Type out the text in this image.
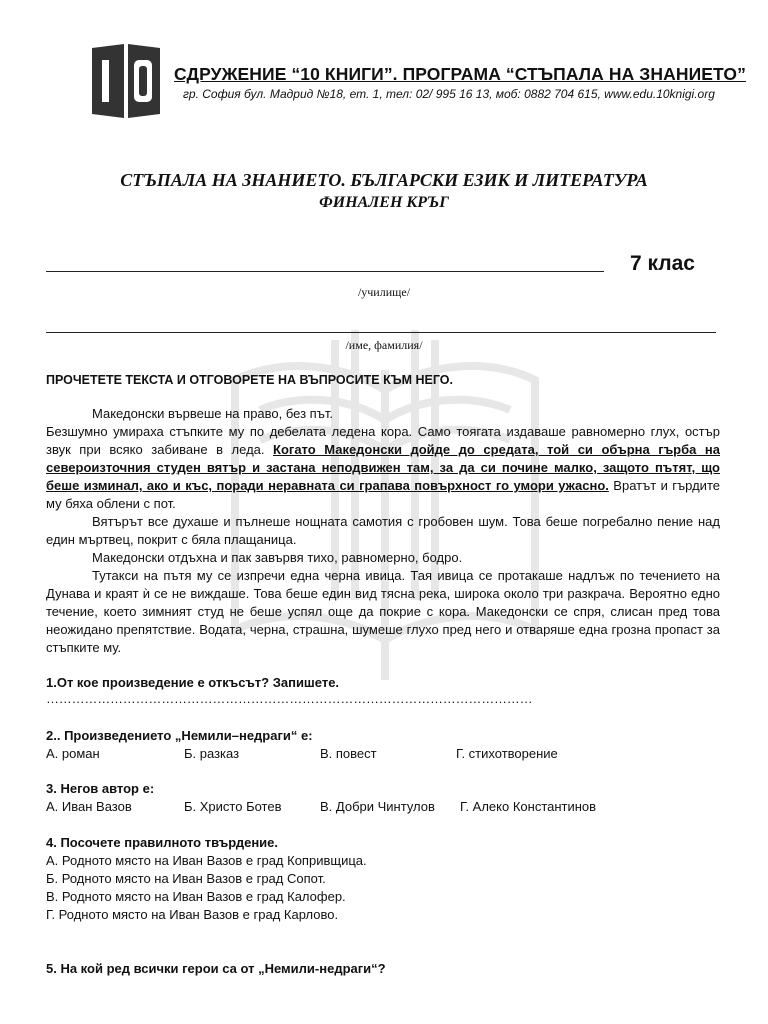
СДРУЖЕНИЕ “10 КНИГИ”. ПРОГРАМА “СТЪПАЛА НА ЗНАНИЕТО”
гр. София бул. Мадрид №18, ет. 1, тел: 02/ 995 16 13, моб: 0882 704 615, www.edu.10knigi.org
СТЪПАЛА НА ЗНАНИЕТО. БЪЛГАРСКИ ЕЗИК И ЛИТЕРАТУРА
ФИНАЛЕН КРЪГ
7 клас
/училище/
/име, фамилия/
ПРОЧЕТЕТЕ ТЕКСТА И ОТГОВОРЕТЕ НА ВЪПРОСИТЕ КЪМ НЕГО.

Македонски вървеше на право, без път.

Безшумно умираха стъпките му по дебелата ледена кора. Само тоягата издаваше равномерно глух, остър звук при всяко забиване в леда. Когато Македонски дойде до средата, той си обърна гърба на североизточния студен вятър и застана неподвижен там, за да си почине малко, защото пътят, що беше изминал, ако и къс, поради неравната си грапава повърхност го умори ужасно. Вратът и гърдите му бяха облени с пот.

Вятърът все духаше и пълнеше нощната самотия с гробовен шум. Това беше погребално пение над един мъртвец, покрит с бяла плащаница.

Македонски отдъхна и пак завървя тихо, равномерно, бодро.

Тутакси на пътя му се изпречи една черна ивица. Тая ивица се протакаше надлъж по течението на Дунава и краят ѝ се не виждаше. Това беше един вид тясна река, широка около три разкрача. Вероятно едно течение, което зимният студ не беше успял още да покрие с кора. Македонски се спря, слисан пред това неожидано препятствие. Водата, черна, страшна, шумеше глухо пред него и отваряше една грозна пропаст за стъпките му.

1.От кое произведение е откъсът? Запишете.
……………………………………………………………………………………………………
2.. Произведението „Немили–недраги“ е:
А. роман	Б. разказ	В. повест	Г. стихотворение
3. Негов автор е:
А. Иван Вазов	Б. Христо Ботев	В. Добри Чинтулов Г. Алеко Константинов
4. Посочете правилното твърдение.
А. Родното място на Иван Вазов е град Копривщица.
Б. Родното място на Иван Вазов е град Сопот.
В. Родното място на Иван Вазов е град Калофер.
Г. Родното място на Иван Вазов е град Карлово.
5. На кой ред всички герои са от „Немили-недраги“?
